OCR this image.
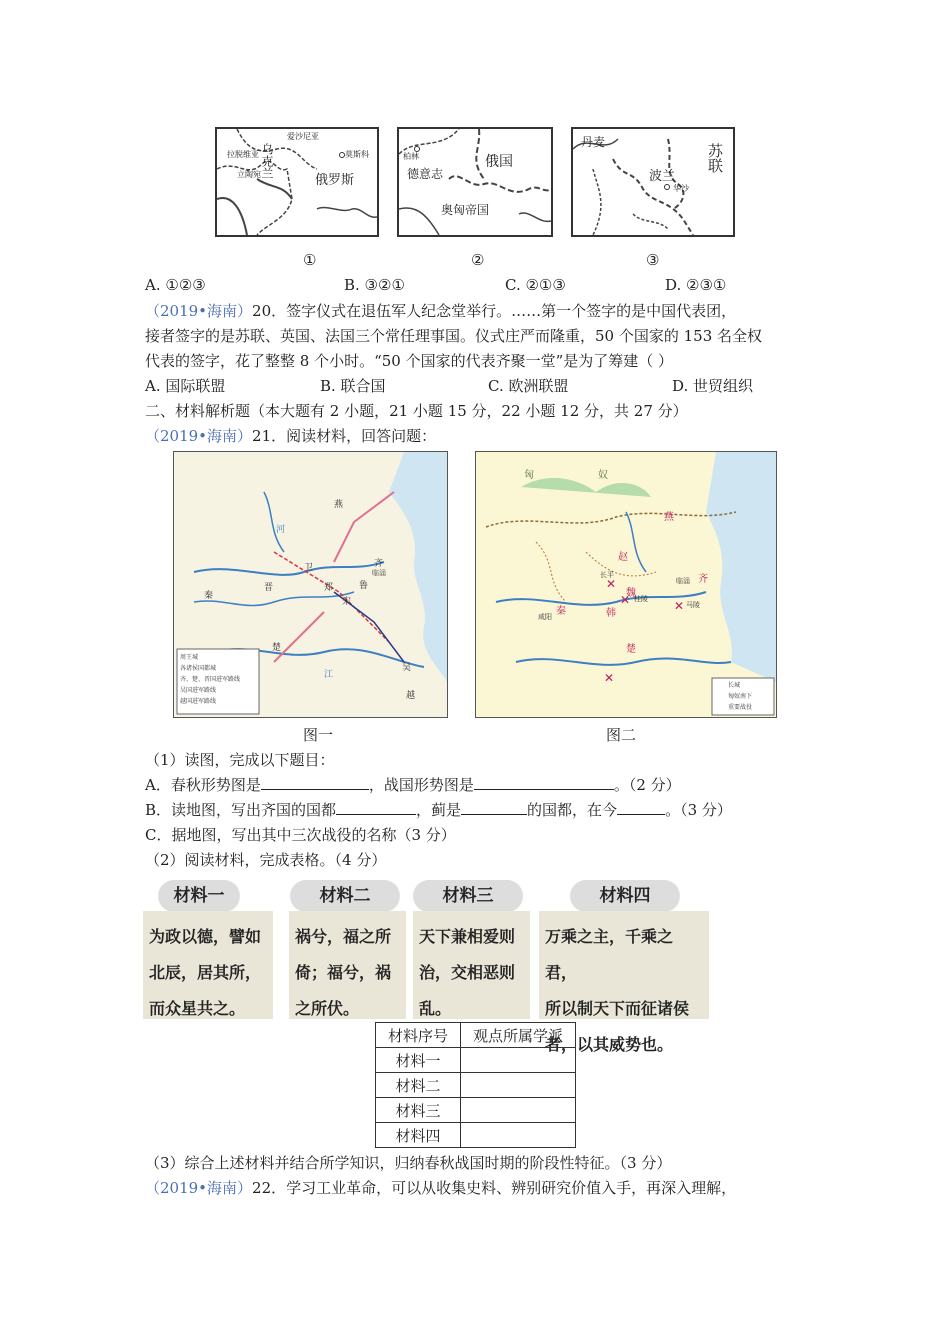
爱沙尼亚
拉脱维亚
立陶宛 乌克兰
俄罗斯
莫斯科	柏林
德意志
俄国
奥匈帝国
丹麦
苏联
波兰
华沙
①	②	③
A. ①②③	B. ③②①	C. ②①③	D. ②③①
（2019•海南）20．签字仪式在退伍军人纪念堂举行。……第一个签字的是中国代表团，
接者签字的是苏联、英国、法国三个常任理事国。仪式庄严而隆重，50 个国家的 153 名全权
代表的签字，花了整整 8 个小时。“50 个国家的代表齐聚一堂”是为了筹建（ ）
A. 国际联盟	B. 联合国	C. 欧洲联盟	D. 世贸组织
二、材料解析题（本大题有 2 小题，21 小题 15 分，22 小题 12 分，共 27 分）
（2019•海南）21．阅读材料，回答问题：
燕
卫	齐
晋
秦
楚
宋
吴
越
郑	鲁
河
江
临淄
周王城
各诸侯国都城
齐、楚、晋国进军路线
吴国进军路线
越国进军路线
✕
✕	✕
✕
匈	奴
燕
赵
齐
魏
秦	韩
楚
长平
桂陵
马陵
临淄
咸阳
长城
匈奴南下
重要战役
图一	图二
（1）读图，完成以下题目：
A．春秋形势图是	，战国形势图是	。（2 分）
B．读地图，写出齐国的国都	，蓟是	的国都，在今	。（3 分）
C．据地图，写出其中三次战役的名称（3 分）
（2）阅读材料，完成表格。（4 分）
材料一
为政以德，譬如
北辰，居其所，
而众星共之。
材料二
祸兮，福之所
倚；福兮，祸
之所伏。
材料三
天下兼相爱则
治，交相恶则
乱。
材料四
万乘之主，千乘之君，
所以制天下而征诸侯
者，以其威势也。
材料序号	观点所属学派
材料一	
材料二	
材料三	
材料四	
（3）综合上述材料并结合所学知识，归纳春秋战国时期的阶段性特征。（3 分）
（2019•海南）22．学习工业革命，可以从收集史料、辨别研究价值入手，再深入理解，
